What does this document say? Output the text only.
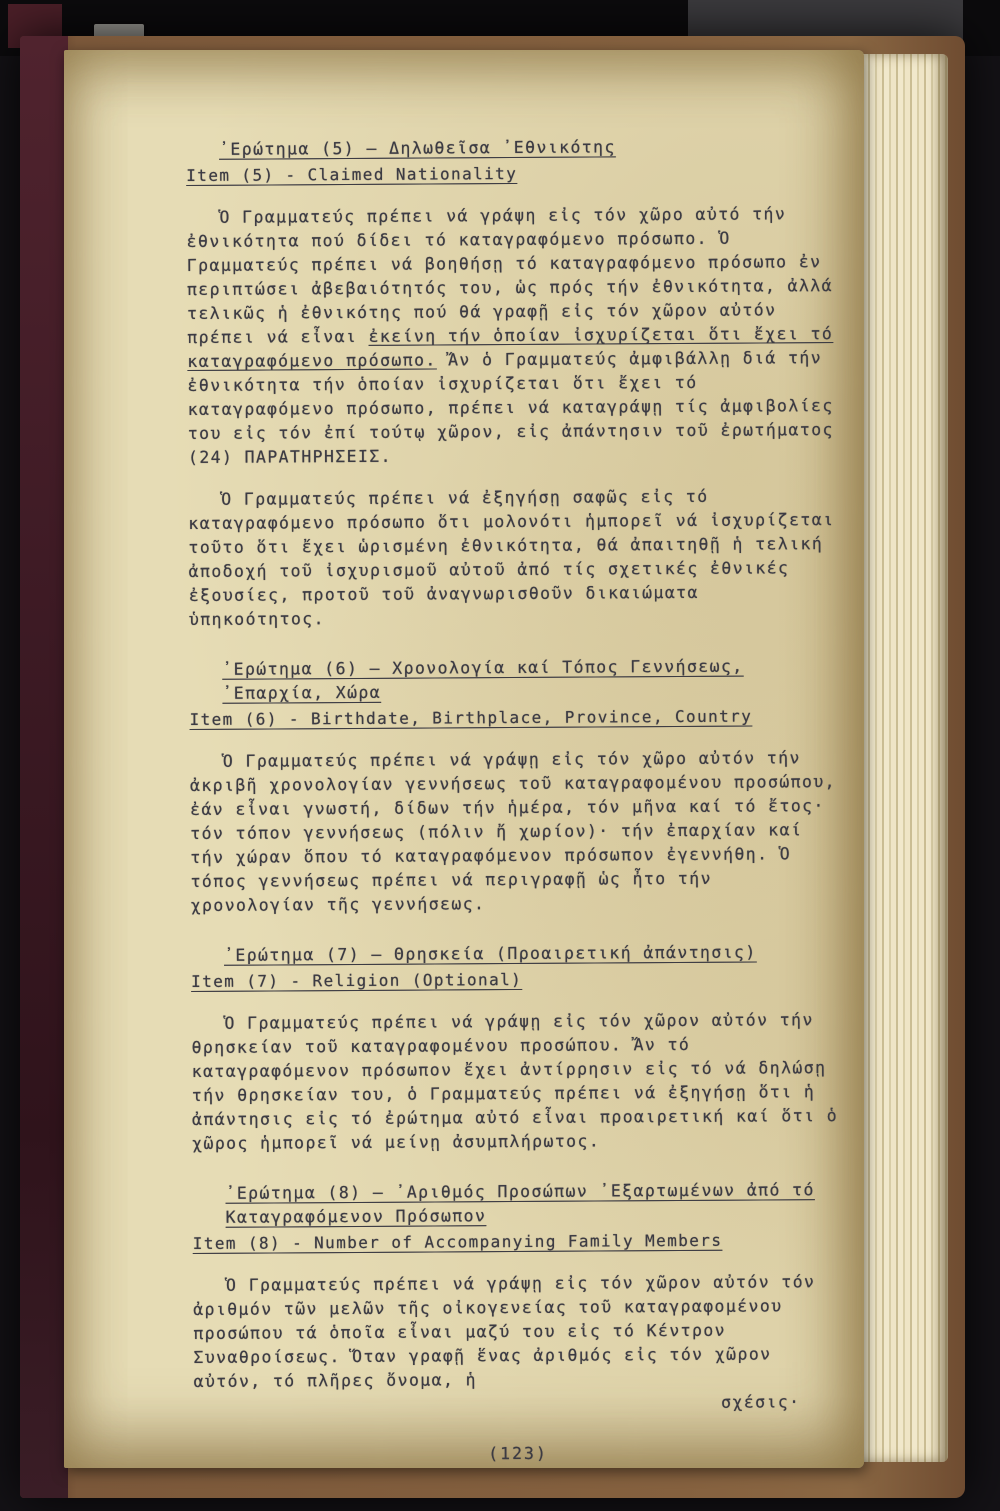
᾽Ερώτημα (5) – Δηλωθεῖσα ᾽Εθνικότης
Item (5) - Claimed Nationality

Ὁ Γραμματεύς πρέπει νά γράψη εἰς τόν χῶρο αὐτό τήν ἐθνικότητα πού δίδει τό καταγραφόμενο πρόσωπο. Ὁ Γραμματεύς πρέπει νά βοηθήσῃ τό καταγραφόμενο πρόσωπο ἐν περιπτώσει ἀβεβαιότητός του, ὡς πρός τήν ἐθνικότητα, ἀλλά τελικῶς ἡ ἐθνικότης πού θά γραφῇ εἰς τόν χῶρον αὐτόν πρέπει νά εἶναι ἐκείνη τήν ὁποίαν ἰσχυρίζεται ὅτι ἔχει τό καταγραφόμενο πρόσωπο. Ἄν ὁ Γραμματεύς ἀμφιβάλλῃ διά τήν ἐθνικότητα τήν ὁποίαν ἰσχυρίζεται ὅτι ἔχει τό καταγραφόμενο πρόσωπο, πρέπει νά καταγράψῃ τίς ἀμφιβολίες του εἰς τόν ἐπί τούτῳ χῶρον, εἰς ἀπάντησιν τοῦ ἐρωτήματος (24) ΠΑΡΑΤΗΡΗΣΕΙΣ.

Ὁ Γραμματεύς πρέπει νά ἐξηγήσῃ σαφῶς εἰς τό καταγραφόμενο πρόσωπο ὅτι μολονότι ἡμπορεῖ νά ἰσχυρίζεται τοῦτο ὅτι ἔχει ὡρισμένη ἐθνικότητα, θά ἀπαιτηθῇ ἡ τελική ἀποδοχή τοῦ ἰσχυρισμοῦ αὐτοῦ ἀπό τίς σχετικές ἐθνικές ἐξουσίες, προτοῦ τοῦ ἀναγνωρισθοῦν δικαιώματα ὑπηκοότητος.

᾽Ερώτημα (6) – Χρονολογία καί Τόπος Γεννήσεως, ᾽Επαρχία, Χώρα
Item (6) - Birthdate, Birthplace, Province, Country

Ὁ Γραμματεύς πρέπει νά γράψῃ εἰς τόν χῶρο αὐτόν τήν ἀκριβῆ χρονολογίαν γεννήσεως τοῦ καταγραφομένου προσώπου, ἐάν εἶναι γνωστή, δίδων τήν ἡμέρα, τόν μῆνα καί τό ἔτος· τόν τόπον γεννήσεως (πόλιν ἤ χωρίον)· τήν ἐπαρχίαν καί τήν χώραν ὅπου τό καταγραφόμενον πρόσωπον ἐγεννήθη. Ὁ τόπος γεννήσεως πρέπει νά περιγραφῇ ὡς ἦτο τήν χρονολογίαν τῆς γεννήσεως.

᾽Ερώτημα (7) – Θρησκεία (Προαιρετική ἀπάντησις)
Item (7) - Religion (Optional)

Ὁ Γραμματεύς πρέπει νά γράψῃ εἰς τόν χῶρον αὐτόν τήν θρησκείαν τοῦ καταγραφομένου προσώπου. Ἄν τό καταγραφόμενον πρόσωπον ἔχει ἀντίρρησιν εἰς τό νά δηλώσῃ τήν θρησκείαν του, ὁ Γραμματεύς πρέπει νά ἐξηγήσῃ ὅτι ἡ ἀπάντησις εἰς τό ἐρώτημα αὐτό εἶναι προαιρετική καί ὅτι ὁ χῶρος ἡμπορεῖ νά μείνῃ ἀσυμπλήρωτος.

᾽Ερώτημα (8) – ᾽Αριθμός Προσώπων ᾽Εξαρτωμένων ἀπό τό Καταγραφόμενον Πρόσωπον
Item (8) - Number of Accompanying Family Members

Ὁ Γραμματεύς πρέπει νά γράψῃ εἰς τόν χῶρον αὐτόν τόν ἀριθμόν τῶν μελῶν τῆς οἰκογενείας τοῦ καταγραφομένου προσώπου τά ὁποῖα εἶναι μαζύ του εἰς τό Κέντρον Συναθροίσεως. Ὅταν γραφῇ ἕνας ἀριθμός εἰς τόν χῶρον αὐτόν, τό πλῆρες ὄνομα, ἡ

σχέσις·
(123)
